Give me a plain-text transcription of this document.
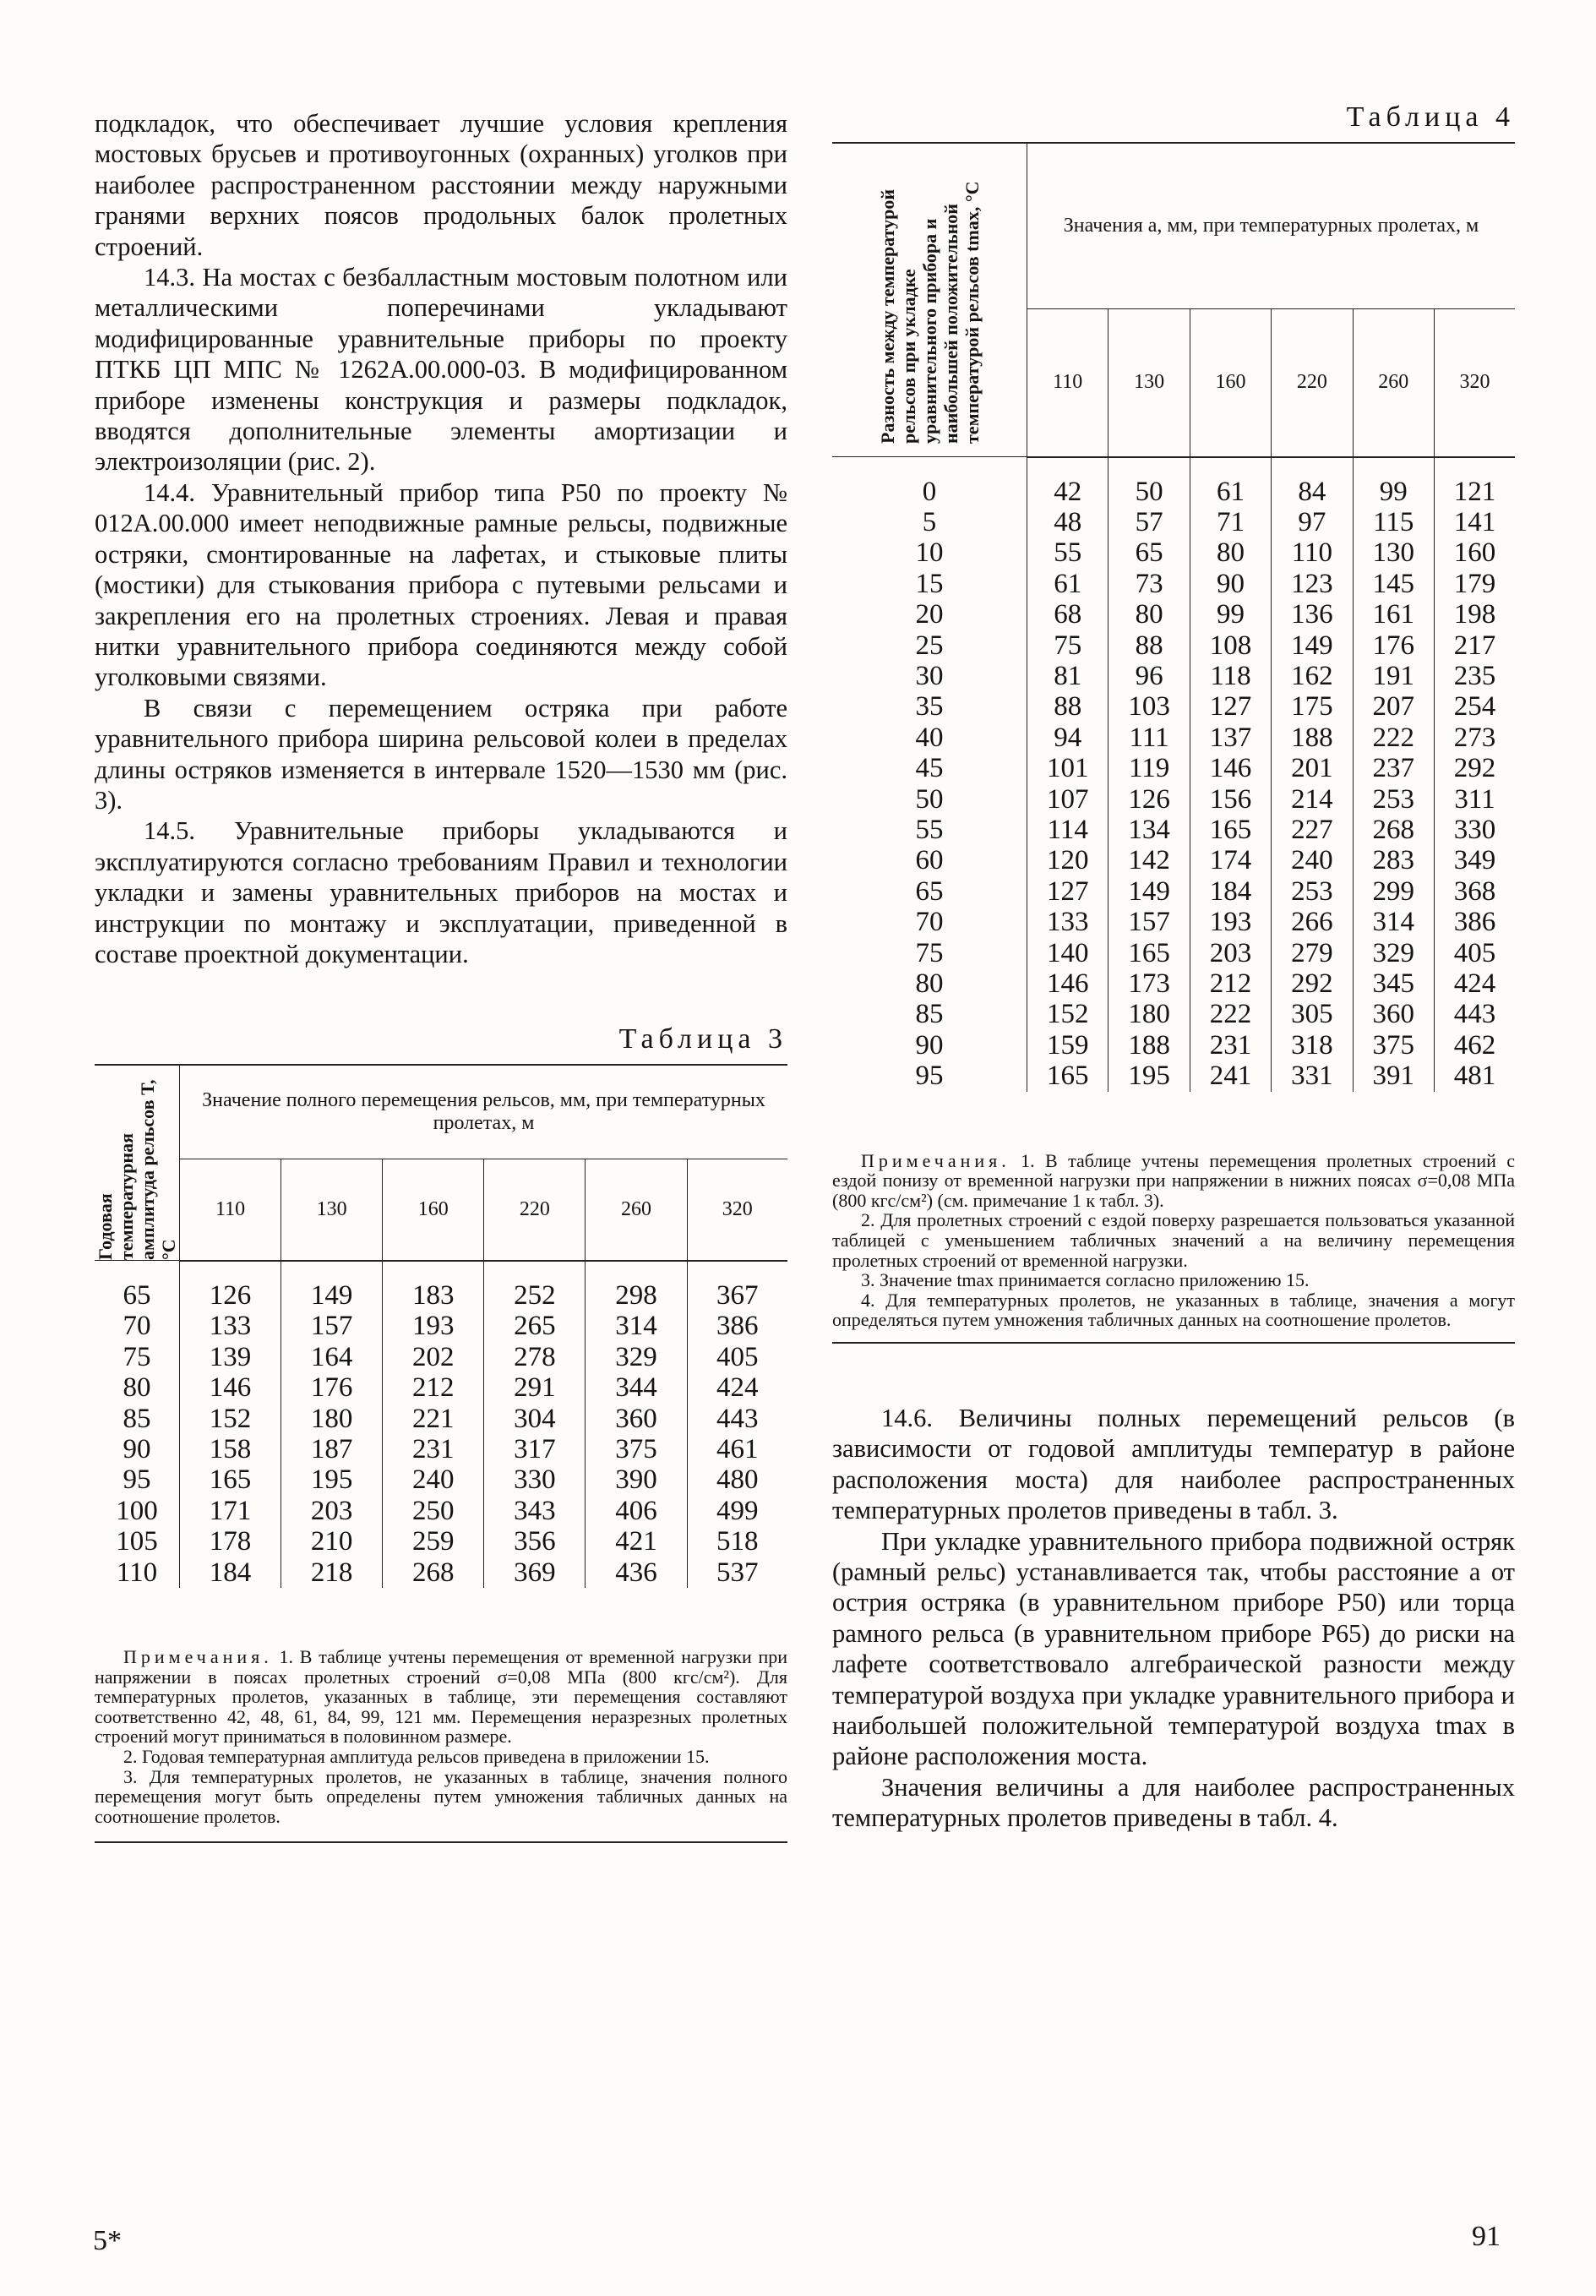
подкладок, что обеспечивает лучшие условия крепления мостовых брусьев и противоугонных (охранных) уголков при наиболее распространенном расстоянии между наружными гранями верхних поясов продольных балок пролетных строений.

14.3. На мостах с безбалластным мостовым полотном или металлическими поперечинами укладывают модифицированные уравнительные приборы по проекту ПТКБ ЦП МПС № 1262А.00.000-03. В модифицированном приборе изменены конструкция и размеры подкладок, вводятся дополнительные элементы амортизации и электроизоляции (рис. 2).

14.4. Уравнительный прибор типа Р50 по проекту № 012А.00.000 имеет неподвижные рамные рельсы, подвижные остряки, смонтированные на лафетах, и стыковые плиты (мостики) для стыкования прибора с путевыми рельсами и закрепления его на пролетных строениях. Левая и правая нитки уравнительного прибора соединяются между собой уголковыми связями.

В связи с перемещением остряка при работе уравнительного прибора ширина рельсовой колеи в пределах длины остряков изменяется в интервале 1520—1530 мм (рис. 3).

14.5. Уравнительные приборы укладываются и эксплуатируются согласно требованиям Правил и технологии укладки и замены уравнительных приборов на мостах и инструкции по монтажу и эксплуатации, приведенной в составе проектной документации.

Таблица 3

Годовая температурная амплитуда рельсов T, °C	Значение полного перемещения рельсов, мм, при температурных пролетах, м					
	110	130	160	220	260	320

65	126	149	183	252	298	367
70	133	157	193	265	314	386
75	139	164	202	278	329	405
80	146	176	212	291	344	424
85	152	180	221	304	360	443
90	158	187	231	317	375	461
95	165	195	240	330	390	480
100	171	203	250	343	406	499
105	178	210	259	356	421	518
110	184	218	268	369	436	537

Примечания. 1. В таблице учтены перемещения от временной нагрузки при напряжении в поясах пролетных строений σ=0,08 МПа (800 кгс/см²). Для температурных пролетов, указанных в таблице, эти перемещения составляют соответственно 42, 48, 61, 84, 99, 121 мм. Перемещения неразрезных пролетных строений могут приниматься в половинном размере.

2. Годовая температурная амплитуда рельсов приведена в приложении 15.

3. Для температурных пролетов, не указанных в таблице, значения полного перемещения могут быть определены путем умножения табличных данных на соотношение пролетов.

Таблица 4

Разность между температурой рельсов при укладке уравнительного прибора и наибольшей положительной температурой рельсов tmax, °C	Значения a, мм, при температурных пролетах, м					
	110	130	160	220	260	320

0	42	50	61	84	99	121
5	48	57	71	97	115	141
10	55	65	80	110	130	160
15	61	73	90	123	145	179
20	68	80	99	136	161	198
25	75	88	108	149	176	217
30	81	96	118	162	191	235
35	88	103	127	175	207	254
40	94	111	137	188	222	273
45	101	119	146	201	237	292
50	107	126	156	214	253	311
55	114	134	165	227	268	330
60	120	142	174	240	283	349
65	127	149	184	253	299	368
70	133	157	193	266	314	386
75	140	165	203	279	329	405
80	146	173	212	292	345	424
85	152	180	222	305	360	443
90	159	188	231	318	375	462
95	165	195	241	331	391	481

Примечания. 1. В таблице учтены перемещения пролетных строений с ездой понизу от временной нагрузки при напряжении в нижних поясах σ=0,08 МПа (800 кгс/см²) (см. примечание 1 к табл. 3).

2. Для пролетных строений с ездой поверху разрешается пользоваться указанной таблицей с уменьшением табличных значений a на величину перемещения пролетных строений от временной нагрузки.

3. Значение tmax принимается согласно приложению 15.

4. Для температурных пролетов, не указанных в таблице, значения a могут определяться путем умножения табличных данных на соотношение пролетов.

14.6. Величины полных перемещений рельсов (в зависимости от годовой амплитуды температур в районе расположения моста) для наиболее распространенных температурных пролетов приведены в табл. 3.

При укладке уравнительного прибора подвижной остряк (рамный рельс) устанавливается так, чтобы расстояние a от острия остряка (в уравнительном приборе Р50) или торца рамного рельса (в уравнительном приборе Р65) до риски на лафете соответствовало алгебраической разности между температурой воздуха при укладке уравнительного прибора и наибольшей положительной температурой воздуха tmax в районе расположения моста.

Значения величины a для наиболее распространенных температурных пролетов приведены в табл. 4.

5*	91
